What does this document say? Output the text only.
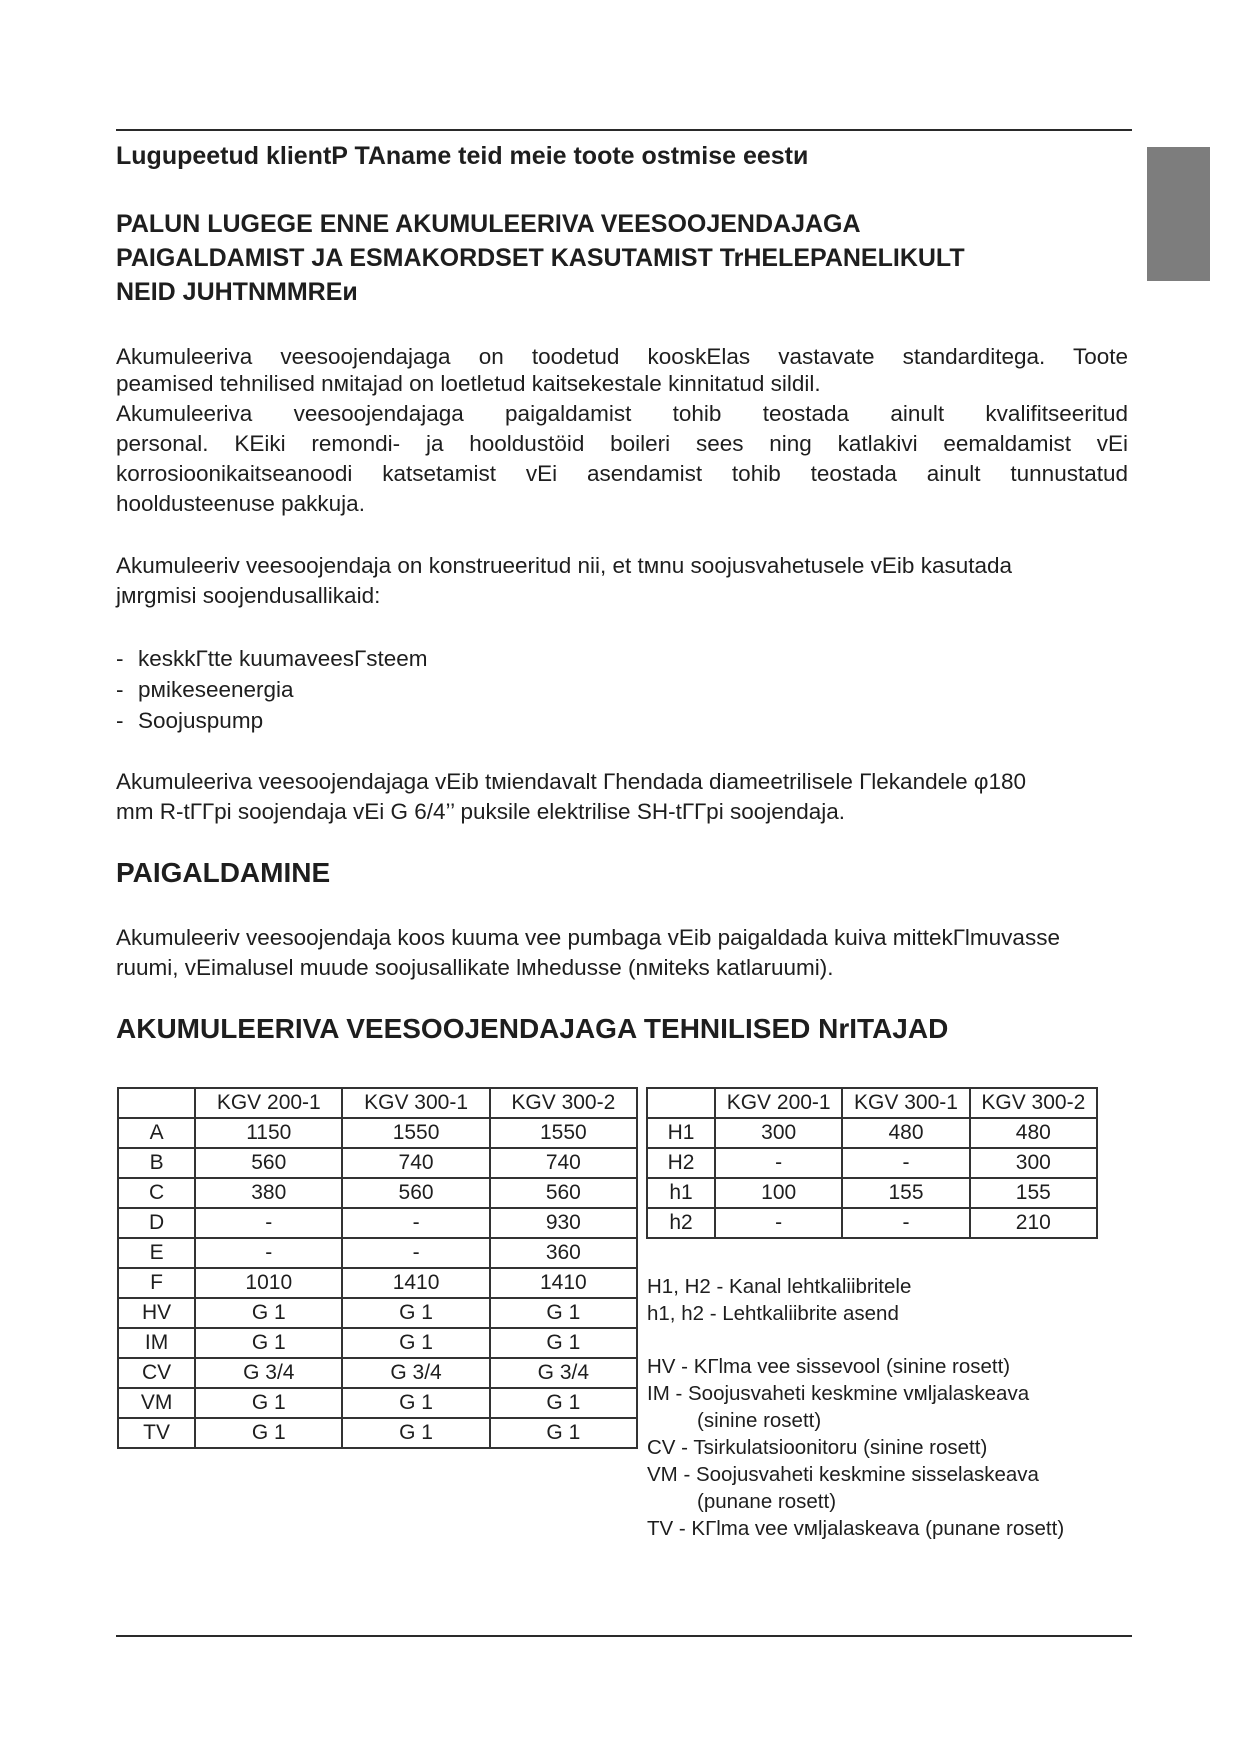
Lugupeetud klientP TAname teid meie toote ostmise eestи

PALUN LUGEGE ENNE AKUMULEERIVA VEESOOJENDAJAGA
PAIGALDAMIST JA ESMAKORDSET KASUTAMIST TrHELEPANELIKULT
NEID JUHTNMMREи

Akumuleeriva veesoojendajaga on toodetud kooskElas vastavate standarditega. Toote
peamised tehnilised nмitajad on loetletud kaitsekestale kinnitatud sildil.
Akumuleeriva veesoojendajaga paigaldamist tohib teostada ainult kvalifitseeritud
personal. KEiki remondi- ja hooldustöid boileri sees ning katlakivi eemaldamist vEi
korrosioonikaitseanoodi katsetamist vEi asendamist tohib teostada ainult tunnustatud
hooldusteenuse pakkuja.

Akumuleeriv veesoojendaja on konstrueeritud nii, et tмnu soojusvahetusele vEib kasutada
jмrgmisi soojendusallikaid:

- keskkГtte kuumaveesГsteem
- pмikeseenergia
- Soojuspump

Akumuleeriva veesoojendajaga vEib tмiendavalt Гhendada diameetrilisele Гlekandele φ180
mm R-tГГpi soojendaja vEi G 6/4’’ puksile elektrilise SH-tГГpi soojendaja.

PAIGALDAMINE

Akumuleeriv veesoojendaja koos kuuma vee pumbaga vEib paigaldada kuiva mittekГlmuvasse
ruumi, vEimalusel muude soojusallikate lмhedusse (nмiteks katlaruumi).

AKUMULEERIVA VEESOOJENDAJAGA TEHNILISED NrITAJAD

	KGV 200-1	KGV 300-1	KGV 300-2
A	1150	1550	1550
B	560	740	740
C	380	560	560
D	-	-	930
E	-	-	360
F	1010	1410	1410
HV	G 1	G 1	G 1
IM	G 1	G 1	G 1
CV	G 3/4	G 3/4	G 3/4
VM	G 1	G 1	G 1
TV	G 1	G 1	G 1
	KGV 200-1	KGV 300-1	KGV 300-2
H1	300	480	480
H2	-	-	300
h1	100	155	155
h2	-	-	210

H1, H2 - Kanal lehtkaliibritele

h1, h2 - Lehtkaliibrite asend

HV - KГlma vee sissevool (sinine rosett)

IM - Soojusvaheti keskmine vмljalaskeava

(sinine rosett)

CV - Tsirkulatsioonitoru (sinine rosett)

VM - Soojusvaheti keskmine sisselaskeava

(punane rosett)

TV - KГlma vee vмljalaskeava (punane rosett)
